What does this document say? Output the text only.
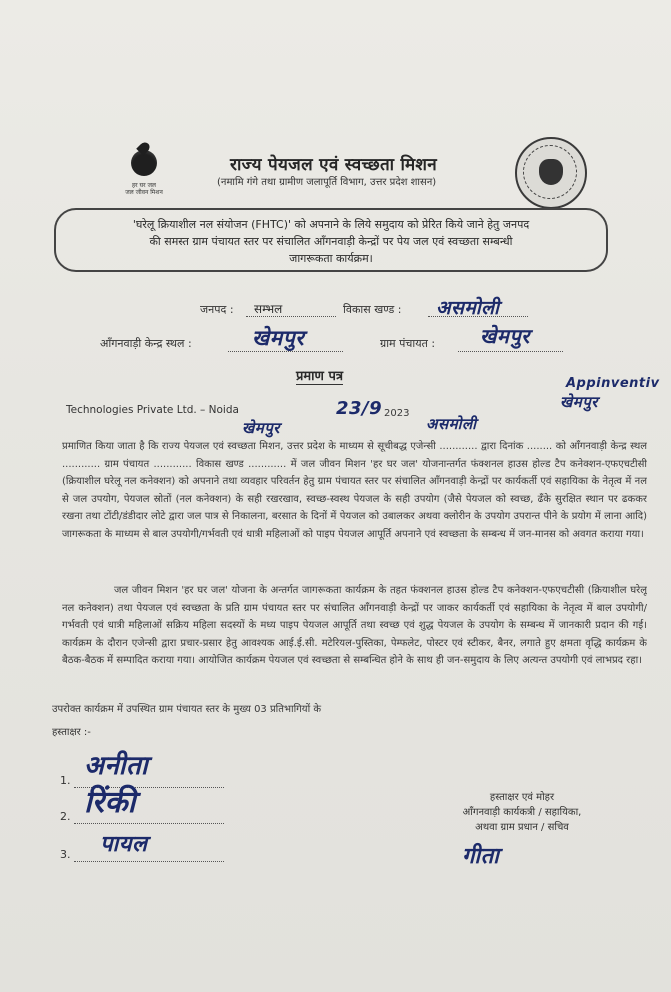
हर घर जल
जल जीवन मिशन
राज्य पेयजल एवं स्वच्छता मिशन
(नमामि गंगे तथा ग्रामीण जलापूर्ति विभाग, उत्तर प्रदेश शासन)
'घरेलू क्रियाशील नल संयोजन (FHTC)' को अपनाने के लिये समुदाय को प्रेरित किये जाने हेतु जनपद
की समस्त ग्राम पंचायत स्तर पर संचालित आँगनवाड़ी केन्द्रों पर पेय जल एवं स्वच्छता सम्बन्धी
जागरूकता कार्यक्रम।
जनपद : सम्भल	विकास खण्ड : असमोली
आँगनवाड़ी केन्द्र स्थल :	खेमपुर	ग्राम पंचायत : खेमपुर
प्रमाण पत्र	Appinventiv
Technologies Private Ltd. – Noida	23/9 2023
खेमपुर
खेमपुर	असमोली
प्रमाणित किया जाता है कि राज्य पेयजल एवं स्वच्छता मिशन, उत्तर प्रदेश के माध्यम से सूचीबद्ध एजेन्सी ............ द्वारा दिनांक ........ को आँगनवाड़ी केन्द्र स्थल ............ ग्राम पंचायत ............ विकास खण्ड ............ में जल जीवन मिशन 'हर घर जल' योजनान्तर्गत फंक्शनल हाउस होल्ड टैप कनेक्शन-एफएचटीसी (क्रियाशील घरेलू नल कनेक्शन) को अपनाने तथा व्यवहार परिवर्तन हेतु ग्राम पंचायत स्तर पर संचालित आँगनवाड़ी केन्द्रों पर कार्यकर्ती एवं सहायिका के नेतृत्व में नल से जल उपयोग, पेयजल स्रोतों (नल कनेक्शन) के सही रखरखाव, स्वच्छ-स्वस्थ पेयजल के सही उपयोग (जैसे पेयजल को स्वच्छ, ढँके सुरक्षित स्थान पर ढककर रखना तथा टोंटी/डंडीदार लोटे द्वारा जल पात्र से निकालना, बरसात के दिनों में पेयजल को उबालकर अथवा क्लोरीन के उपयोग उपरान्त पीने के प्रयोग में लाना आदि) जागरूकता के माध्यम से बाल उपयोगी/गर्भवती एवं धात्री महिलाओं को पाइप पेयजल आपूर्ति अपनाने एवं स्वच्छता के सम्बन्ध में जन-मानस को अवगत कराया गया।
जल जीवन मिशन 'हर घर जल' योजना के अन्तर्गत जागरूकता कार्यक्रम के तहत फंक्शनल हाउस होल्ड टैप कनेक्शन-एफएचटीसी (क्रियाशील घरेलू नल कनेक्शन) तथा पेयजल एवं स्वच्छता के प्रति ग्राम पंचायत स्तर पर संचालित आँगनवाड़ी केन्द्रों पर जाकर कार्यकर्ती एवं सहायिका के नेतृत्व में बाल उपयोगी/गर्भवती एवं धात्री महिलाओं सक्रिय महिला सदस्यों के मध्य पाइप पेयजल आपूर्ति तथा स्वच्छ एवं शुद्ध पेयजल के उपयोग के सम्बन्ध में जानकारी प्रदान की गई। कार्यक्रम के दौरान एजेन्सी द्वारा प्रचार-प्रसार हेतु आवश्यक आई.ई.सी. मटेरियल-पुस्तिका, पेम्फलेट, पोस्टर एवं स्टीकर, बैनर, लगाते हुए क्षमता वृद्धि कार्यक्रम के बैठक-बैठक में सम्पादित कराया गया। आयोजित कार्यक्रम पेयजल एवं स्वच्छता से सम्बन्धित होने के साथ ही जन-समुदाय के लिए अत्यन्त उपयोगी एवं लाभप्रद रहा।
उपरोक्त कार्यक्रम में उपस्थित ग्राम पंचायत स्तर के मुख्य 03 प्रतिभागियों के
हस्ताक्षर :-
1. अनीता
2. रिंकी
3. पायल
हस्ताक्षर एवं मोहर
आँगनवाड़ी कार्यकत्री / सहायिका,
अथवा ग्राम प्रधान / सचिव
गीता
